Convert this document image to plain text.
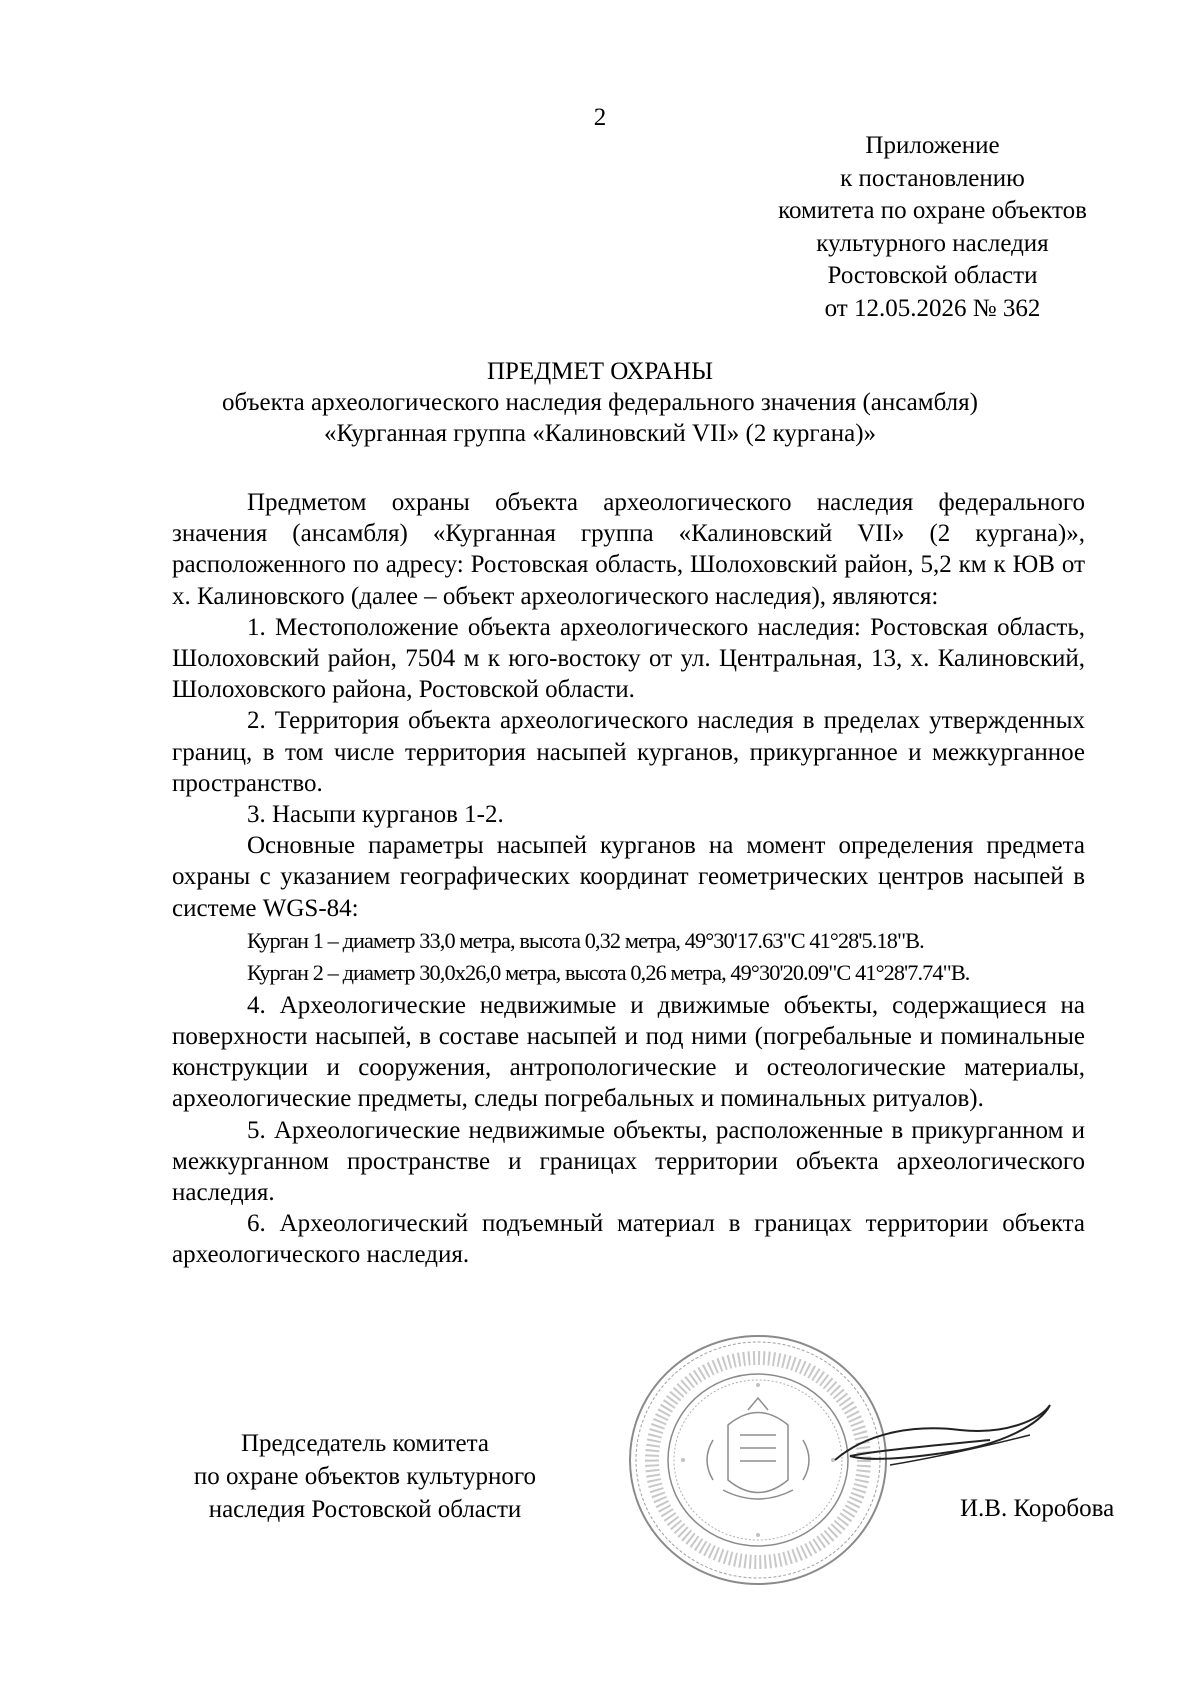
2
Приложение
к постановлению
комитета по охране объектов
культурного наследия
Ростовской области
от 12.05.2026 № 362
ПРЕДМЕТ ОХРАНЫ
объекта археологического наследия федерального значения (ансамбля)
«Курганная группа «Калиновский VII» (2 кургана)»

Предметом охраны объекта археологического наследия федерального значения (ансамбля) «Курганная группа «Калиновский VII» (2 кургана)», расположенного по адресу: Ростовская область, Шолоховский район, 5,2 км к ЮВ от х. Калиновского (далее – объект археологического наследия), являются:

1. Местоположение объекта археологического наследия: Ростовская область, Шолоховский район, 7504 м к юго-востоку от ул. Центральная, 13, х. Калиновский, Шолоховского района, Ростовской области.

2. Территория объекта археологического наследия в пределах утвержденных границ, в том числе территория насыпей курганов, прикурганное и межкурганное пространство.

3. Насыпи курганов 1-2.

Основные параметры насыпей курганов на момент определения предмета охраны с указанием географических координат геометрических центров насыпей в системе WGS-84:

Курган 1 – диаметр 33,0 метра, высота 0,32 метра, 49°30'17.63"С 41°28'5.18"В.

Курган 2 – диаметр 30,0x26,0 метра, высота 0,26 метра, 49°30'20.09"С 41°28'7.74"В.

4. Археологические недвижимые и движимые объекты, содержащиеся на поверхности насыпей, в составе насыпей и под ними (погребальные и поминальные конструкции и сооружения, антропологические и остеологические материалы, археологические предметы, следы погребальных и поминальных ритуалов).

5. Археологические недвижимые объекты, расположенные в прикурганном и межкурганном пространстве и границах территории объекта археологического наследия.

6. Археологический подъемный материал в границах территории объекта археологического наследия.

Председатель комитета
по охране объектов культурного
наследия Ростовской области	И.В. Коробова
